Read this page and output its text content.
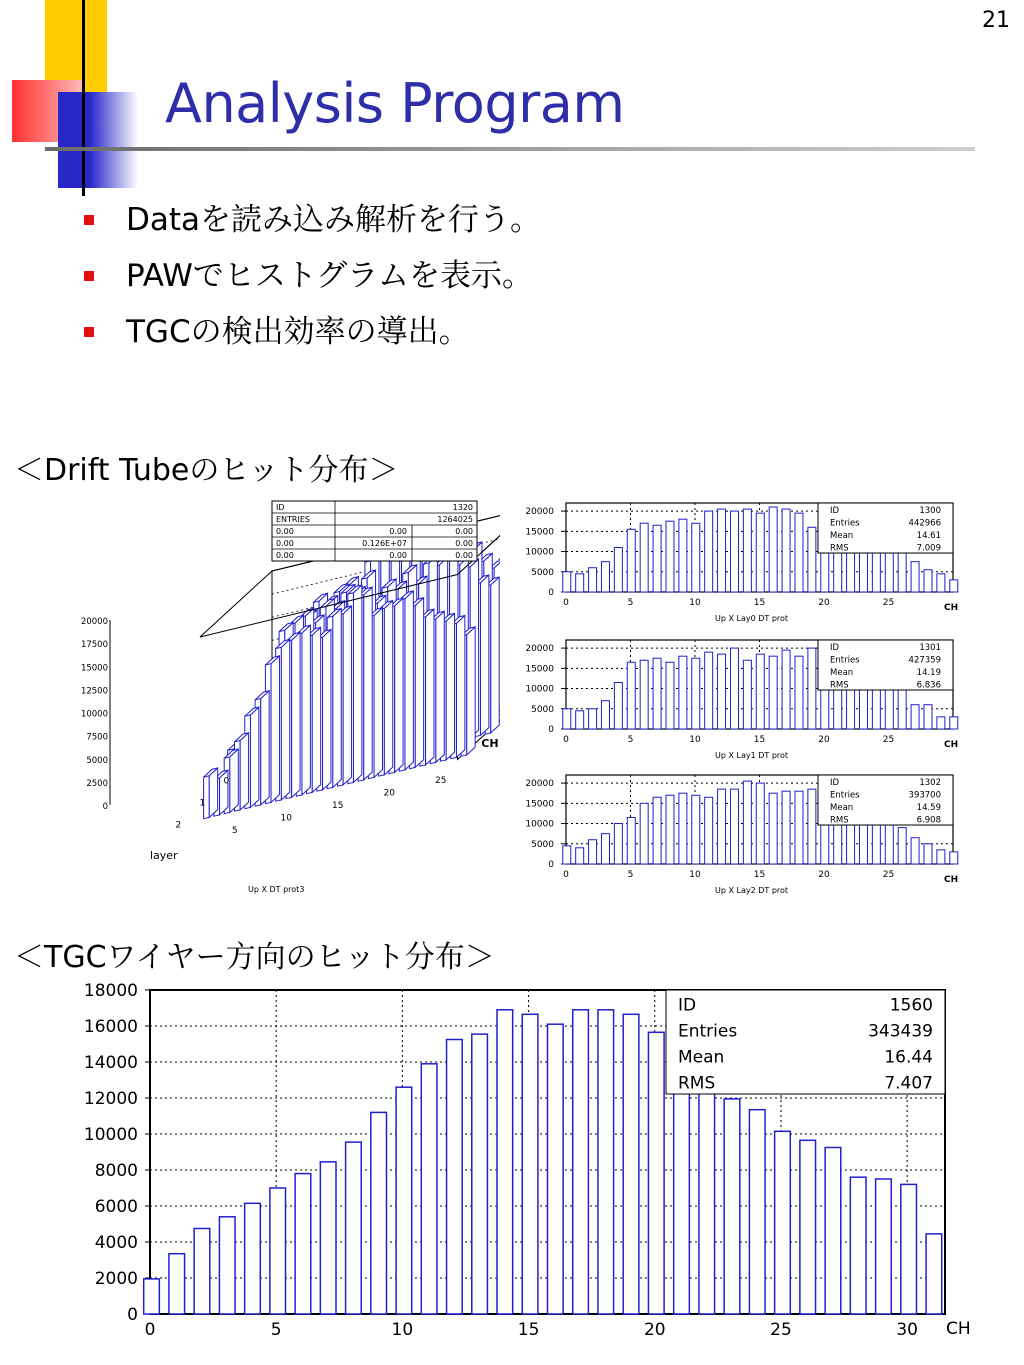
21
Analysis Program
Dataを読み込み解析を行う。
PAWでヒストグラムを表示。
TGCの検出効率の導出。
＜Drift Tubeのヒット分布＞
＜TGCワイヤー方向のヒット分布＞
0
2500
5000
7500
10000
12500
15000
17500
20000
5
10
15
20
25
CH
0
1
2
layer
Up X DT prot3
ID	1320
ENTRIES	1264025
0.00	0.00	0.00
0.00	0.126E+07	0.00
0.00	0.00	0.00
0	5	10	15	20	25
0
5000
10000
15000
20000
CH
Up X Lay0 DT prot
ID	1300
Entries	442966
Mean	14.61
RMS	7.009
0	5	10	15	20	25
0
5000
10000
15000
20000
CH
Up X Lay1 DT prot
ID	1301
Entries	427359
Mean	14.19
RMS	6.836
0	5	10	15	20	25
0
5000
10000
15000
20000
CH
Up X Lay2 DT prot
ID	1302
Entries	393700
Mean	14.59
RMS	6.908
0	5	10	15	20	25	30
0
2000
4000
6000
8000
10000
12000
14000
16000
18000
CH
ID	1560
Entries	343439
Mean	16.44
RMS	7.407
